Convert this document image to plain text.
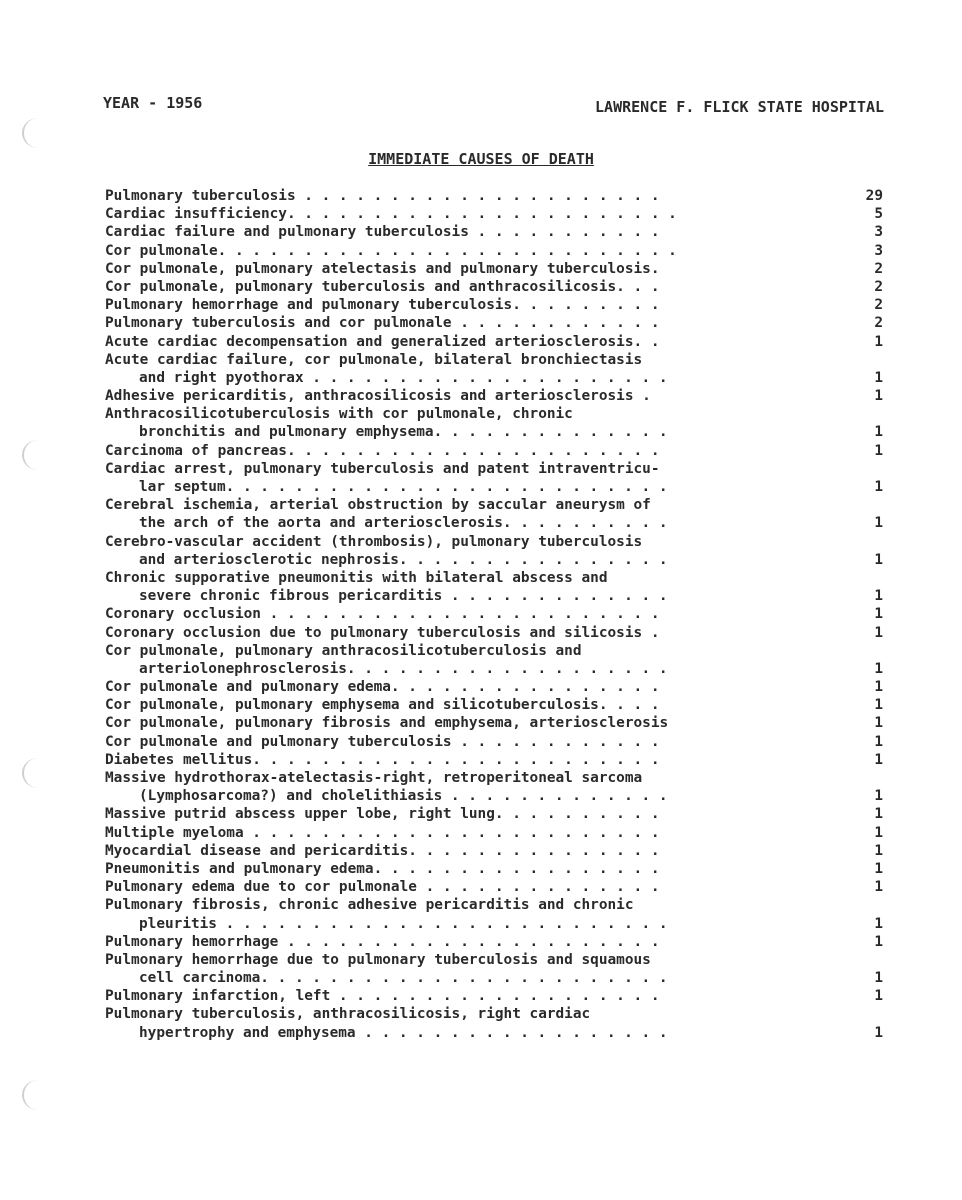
YEAR - 1956	LAWRENCE F. FLICK STATE HOSPITAL
IMMEDIATE CAUSES OF DEATH
Pulmonary tuberculosis . . . . . . . . . . . . . . . . . . . . .	29
Cardiac insufficiency. . . . . . . . . . . . . . . . . . . . . . .	5
Cardiac failure and pulmonary tuberculosis . . . . . . . . . . .	3
Cor pulmonale. . . . . . . . . . . . . . . . . . . . . . . . . . .	3
Cor pulmonale, pulmonary atelectasis and pulmonary tuberculosis.	2
Cor pulmonale, pulmonary tuberculosis and anthracosilicosis. . .	2
Pulmonary hemorrhage and pulmonary tuberculosis. . . . . . . . .	2
Pulmonary tuberculosis and cor pulmonale . . . . . . . . . . . .	2
Acute cardiac decompensation and generalized arteriosclerosis. .	1
Acute cardiac failure, cor pulmonale, bilateral bronchiectasis
and right pyothorax . . . . . . . . . . . . . . . . . . . . .	1
Adhesive pericarditis, anthracosilicosis and arteriosclerosis .	1
Anthracosilicotuberculosis with cor pulmonale, chronic
bronchitis and pulmonary emphysema. . . . . . . . . . . . . .	1
Carcinoma of pancreas. . . . . . . . . . . . . . . . . . . . . .	1
Cardiac arrest, pulmonary tuberculosis and patent intraventricu-
lar septum. . . . . . . . . . . . . . . . . . . . . . . . . .	1
Cerebral ischemia, arterial obstruction by saccular aneurysm of
the arch of the aorta and arteriosclerosis. . . . . . . . . .	1
Cerebro-vascular accident (thrombosis), pulmonary tuberculosis
and arteriosclerotic nephrosis. . . . . . . . . . . . . . . .	1
Chronic supporative pneumonitis with bilateral abscess and
severe chronic fibrous pericarditis . . . . . . . . . . . . .	1
Coronary occlusion . . . . . . . . . . . . . . . . . . . . . . .	1
Coronary occlusion due to pulmonary tuberculosis and silicosis .	1
Cor pulmonale, pulmonary anthracosilicotuberculosis and
arteriolonephrosclerosis. . . . . . . . . . . . . . . . . . .	1
Cor pulmonale and pulmonary edema. . . . . . . . . . . . . . . .	1
Cor pulmonale, pulmonary emphysema and silicotuberculosis. . . .	1
Cor pulmonale, pulmonary fibrosis and emphysema, arteriosclerosis	1
Cor pulmonale and pulmonary tuberculosis . . . . . . . . . . . .	1
Diabetes mellitus. . . . . . . . . . . . . . . . . . . . . . . .	1
Massive hydrothorax-atelectasis-right, retroperitoneal sarcoma
(Lymphosarcoma?) and cholelithiasis . . . . . . . . . . . . .	1
Massive putrid abscess upper lobe, right lung. . . . . . . . . .	1
Multiple myeloma . . . . . . . . . . . . . . . . . . . . . . . .	1
Myocardial disease and pericarditis. . . . . . . . . . . . . . .	1
Pneumonitis and pulmonary edema. . . . . . . . . . . . . . . . .	1
Pulmonary edema due to cor pulmonale . . . . . . . . . . . . . .	1
Pulmonary fibrosis, chronic adhesive pericarditis and chronic
pleuritis . . . . . . . . . . . . . . . . . . . . . . . . . .	1
Pulmonary hemorrhage . . . . . . . . . . . . . . . . . . . . . .	1
Pulmonary hemorrhage due to pulmonary tuberculosis and squamous
cell carcinoma. . . . . . . . . . . . . . . . . . . . . . . .	1
Pulmonary infarction, left . . . . . . . . . . . . . . . . . . .	1
Pulmonary tuberculosis, anthracosilicosis, right cardiac
hypertrophy and emphysema . . . . . . . . . . . . . . . . . .	1
